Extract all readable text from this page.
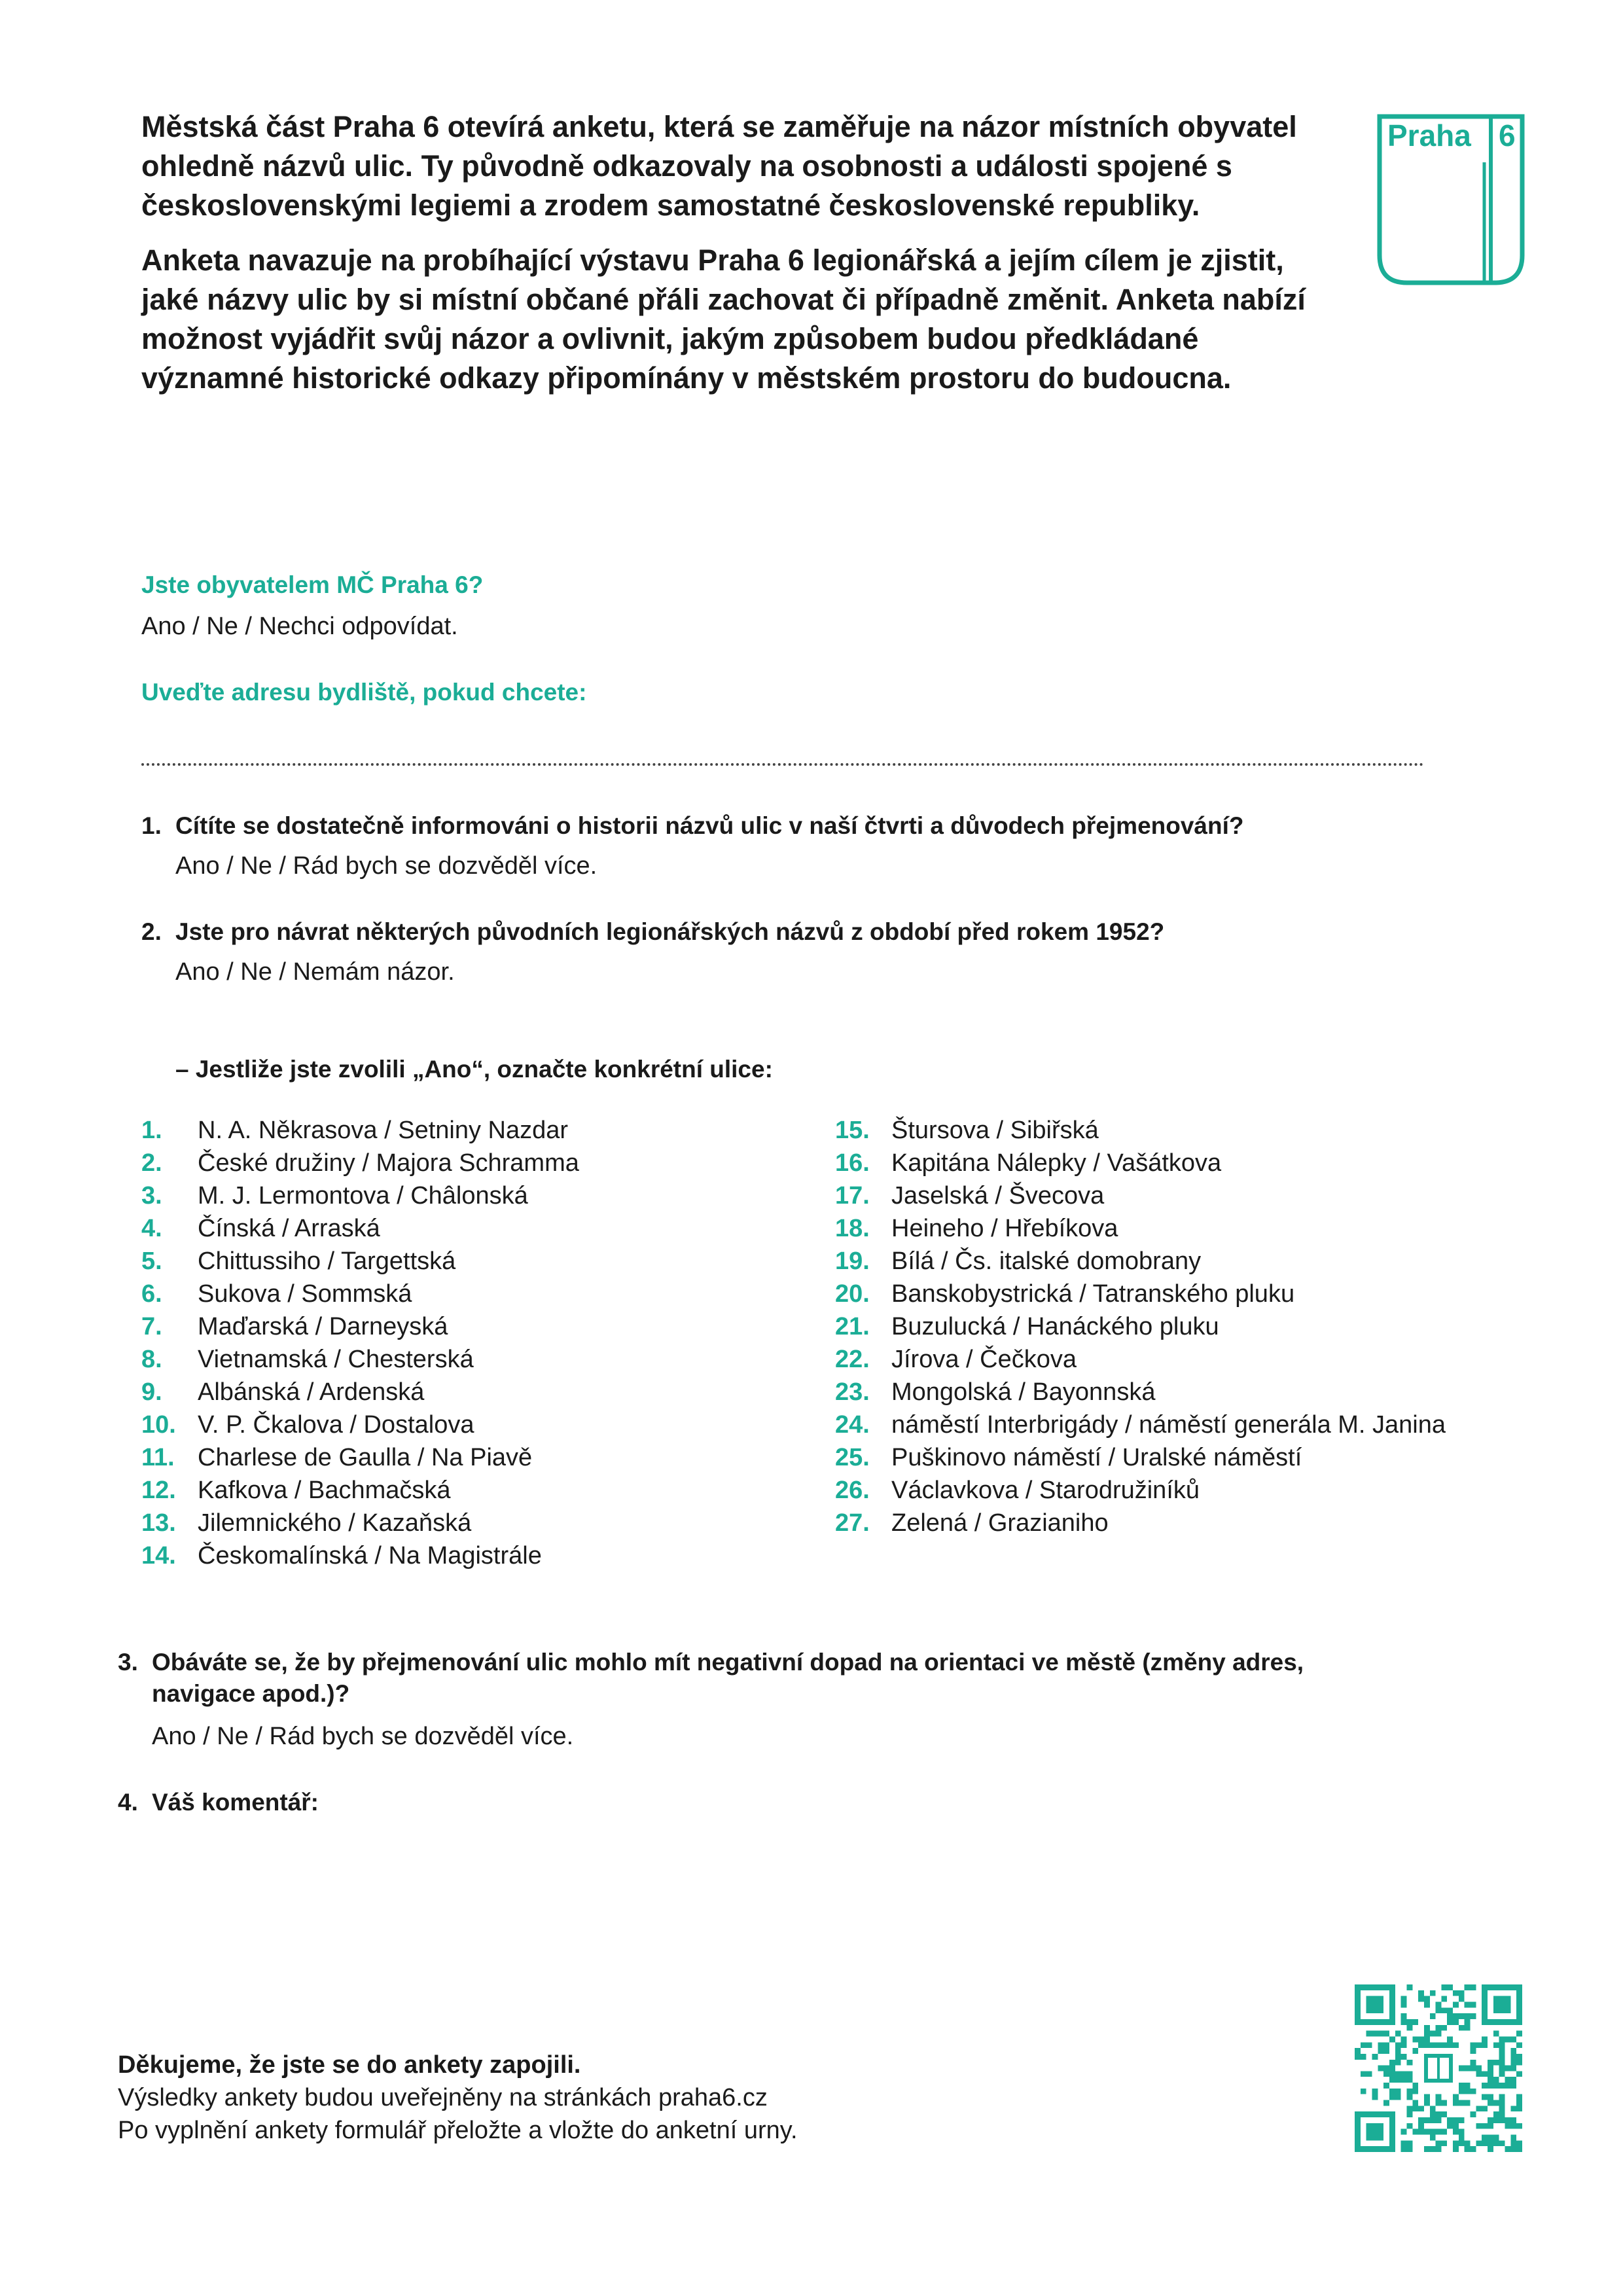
Praha 6

Městská část Praha 6 otevírá anketu, která se zaměřuje na názor místních obyvatel ohledně názvů ulic. Ty původně odkazovaly na osobnosti a události spojené s československými legiemi a zrodem samostatné československé republiky.

Anketa navazuje na probíhající výstavu Praha 6 legionářská a jejím cílem je zjistit, jaké názvy ulic by si místní občané přáli zachovat či případně změnit. Anketa nabízí možnost vyjádřit svůj názor a ovlivnit, jakým způsobem budou předkládané významné historické odkazy připomínány v městském prostoru do budoucna.

Jste obyvatelem MČ Praha 6?
Ano / Ne / Nechci odpovídat.
Uveďte adresu bydliště, pokud chcete:
1. Cítíte se dostatečně informováni o historii názvů ulic v naší čtvrti a důvodech přejmenování?
Ano / Ne / Rád bych se dozvěděl více.
2. Jste pro návrat některých původních legionářských názvů z období před rokem 1952?
Ano / Ne / Nemám názor.
– Jestliže jste zvolili „Ano“, označte konkrétní ulice:
1.	N. A. Někrasova / Setniny Nazdar
2.	České družiny / Majora Schramma
3.	M. J. Lermontova / Châlonská
4.	Čínská / Arraská
5.	Chittussiho / Targettská
6.	Sukova / Sommská
7.	Maďarská / Darneyská
8.	Vietnamská / Chesterská
9.	Albánská / Ardenská
10. V. P. Čkalova / Dostalova
11. Charlese de Gaulla / Na Piavě
12. Kafkova / Bachmačská
13. Jilemnického / Kazaňská
14. Českomalínská / Na Magistrále
15. Štursova / Sibiřská
16. Kapitána Nálepky / Vašátkova
17. Jaselská / Švecova
18. Heineho / Hřebíkova
19. Bílá / Čs. italské domobrany
20. Banskobystrická / Tatranského pluku
21. Buzulucká / Hanáckého pluku
22. Jírova / Čečkova
23. Mongolská / Bayonnská
24. náměstí Interbrigády / náměstí generála M. Janina
25. Puškinovo náměstí / Uralské náměstí
26. Václavkova / Starodružiníků
27. Zelená / Grazianiho
3. Obáváte se, že by přejmenování ulic mohlo mít negativní dopad na orientaci ve městě (změny adres, navigace apod.)?
Ano / Ne / Rád bych se dozvěděl více.
4. Váš komentář:

Děkujeme, že jste se do ankety zapojili.

Výsledky ankety budou uveřejněny na stránkách praha6.cz

Po vyplnění ankety formulář přeložte a vložte do anketní urny.
